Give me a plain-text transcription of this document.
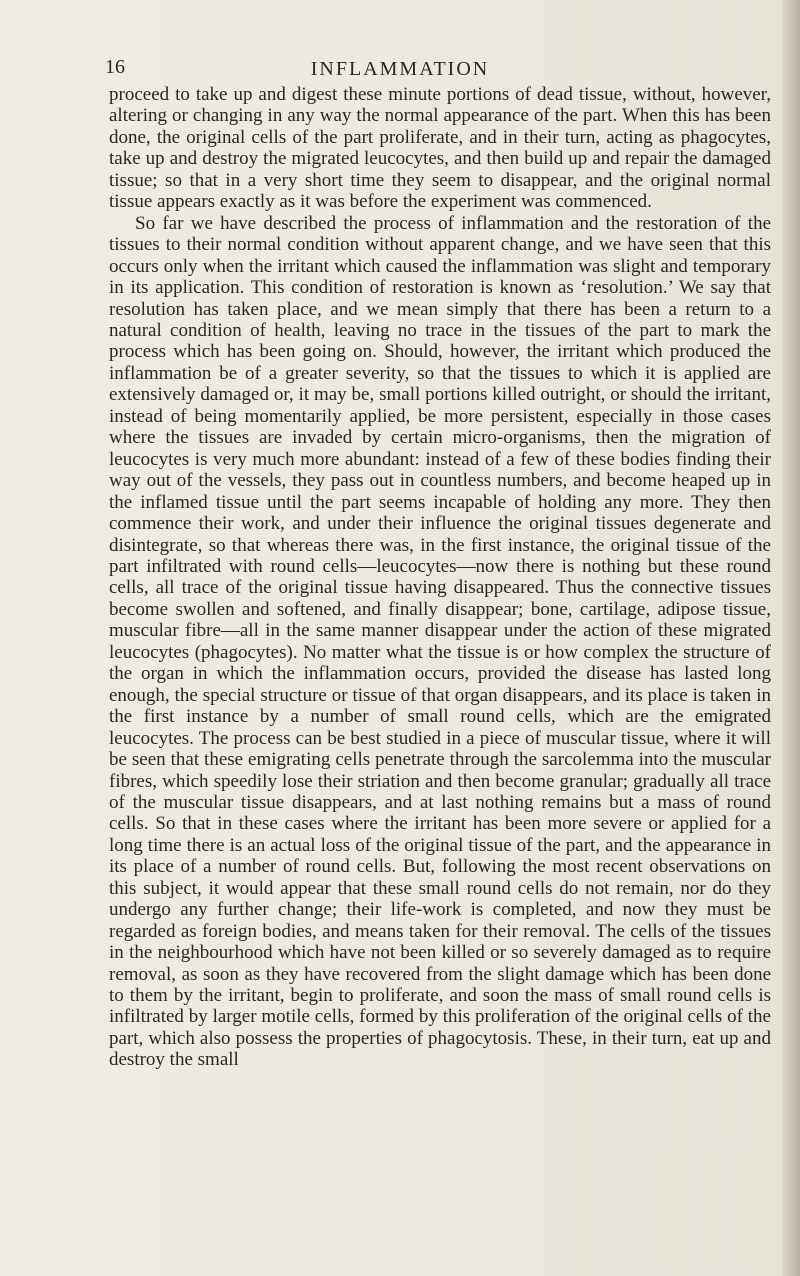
16	INFLAMMATION

proceed to take up and digest these minute portions of dead tissue, without, however, altering or changing in any way the normal appearance of the part. When this has been done, the original cells of the part proliferate, and in their turn, acting as phagocytes, take up and destroy the migrated leucocytes, and then build up and repair the damaged tissue; so that in a very short time they seem to disappear, and the original normal tissue appears exactly as it was before the experiment was commenced.

So far we have described the process of inflammation and the restoration of the tissues to their normal condition without apparent change, and we have seen that this occurs only when the irritant which caused the inflammation was slight and temporary in its application. This condition of restoration is known as ‘resolution.’ We say that resolution has taken place, and we mean simply that there has been a return to a natural condition of health, leaving no trace in the tissues of the part to mark the process which has been going on. Should, however, the irritant which produced the inflammation be of a greater severity, so that the tissues to which it is applied are extensively damaged or, it may be, small portions killed outright, or should the irritant, instead of being momentarily applied, be more persistent, especially in those cases where the tissues are invaded by certain micro-organisms, then the migration of leucocytes is very much more abundant: instead of a few of these bodies finding their way out of the vessels, they pass out in countless numbers, and become heaped up in the inflamed tissue until the part seems incapable of holding any more. They then commence their work, and under their influence the original tissues degenerate and disintegrate, so that whereas there was, in the first instance, the original tissue of the part infiltrated with round cells—leucocytes—now there is nothing but these round cells, all trace of the original tissue having disappeared. Thus the connective tissues become swollen and softened, and finally disappear; bone, cartilage, adipose tissue, muscular fibre—all in the same manner disappear under the action of these migrated leucocytes (phagocytes). No matter what the tissue is or how complex the structure of the organ in which the inflammation occurs, provided the disease has lasted long enough, the special structure or tissue of that organ disappears, and its place is taken in the first instance by a number of small round cells, which are the emigrated leucocytes. The process can be best studied in a piece of muscular tissue, where it will be seen that these emigrating cells penetrate through the sarcolemma into the muscular fibres, which speedily lose their striation and then become granular; gradually all trace of the muscular tissue disappears, and at last nothing remains but a mass of round cells. So that in these cases where the irritant has been more severe or applied for a long time there is an actual loss of the original tissue of the part, and the appearance in its place of a number of round cells. But, following the most recent observations on this subject, it would appear that these small round cells do not remain, nor do they undergo any further change; their life-work is completed, and now they must be regarded as foreign bodies, and means taken for their removal. The cells of the tissues in the neighbourhood which have not been killed or so severely damaged as to require removal, as soon as they have recovered from the slight damage which has been done to them by the irritant, begin to proliferate, and soon the mass of small round cells is infiltrated by larger motile cells, formed by this proliferation of the original cells of the part, which also possess the properties of phagocytosis. These, in their turn, eat up and destroy the small
